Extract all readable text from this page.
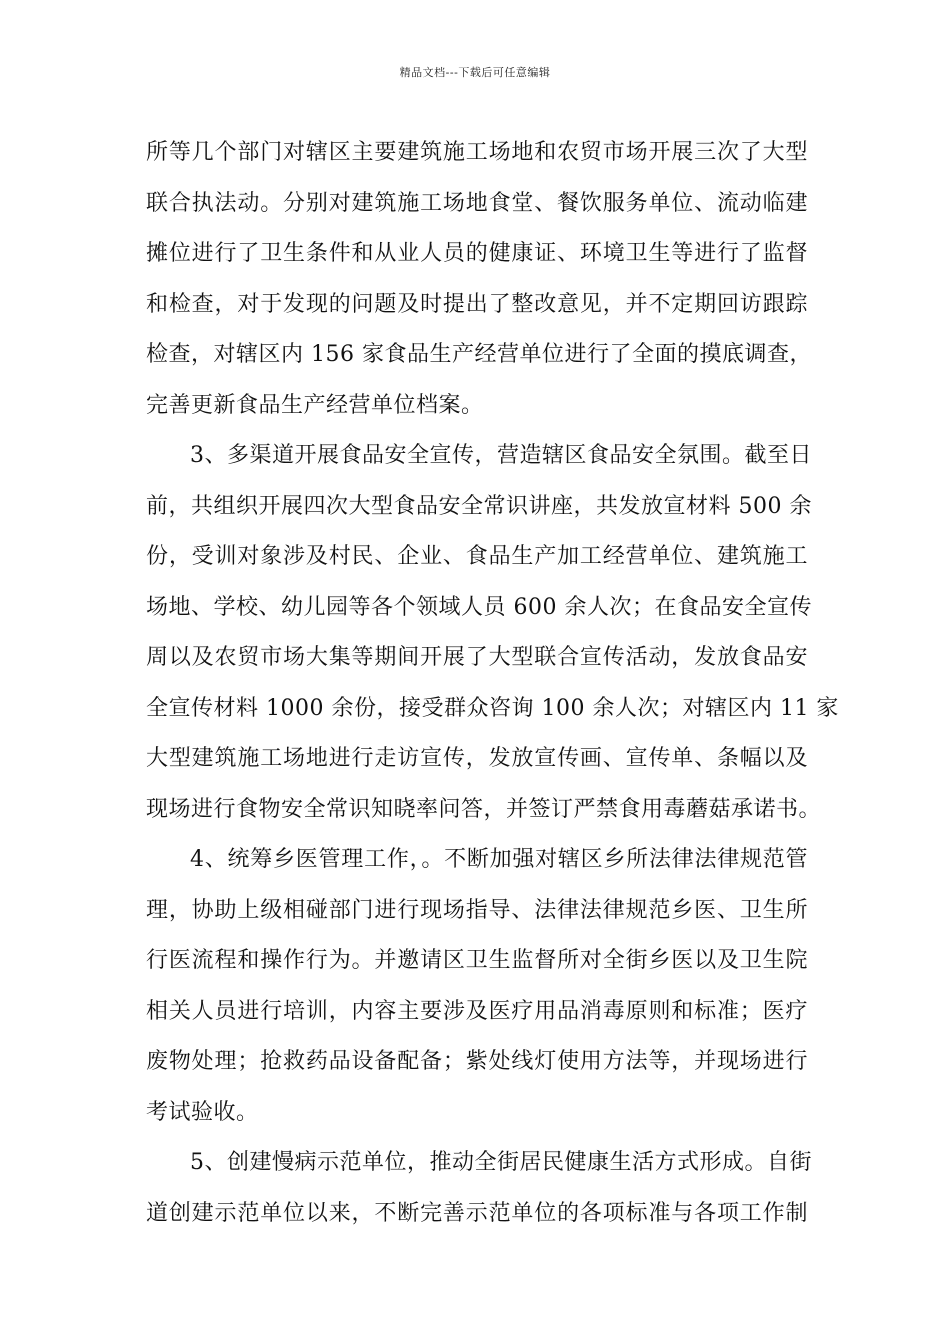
精品文档---下载后可任意编辑
所等几个部门对辖区主要建筑施工场地和农贸市场开展三次了大型
联合执法动。分别对建筑施工场地食堂、餐饮服务单位、流动临建
摊位进行了卫生条件和从业人员的健康证、环境卫生等进行了监督
和检查，对于发现的问题及时提出了整改意见，并不定期回访跟踪
检查，对辖区内 156 家食品生产经营单位进行了全面的摸底调查，
完善更新食品生产经营单位档案。
3、多渠道开展食品安全宣传，营造辖区食品安全氛围。截至日
前，共组织开展四次大型食品安全常识讲座，共发放宣材料 500 余
份，受训对象涉及村民、企业、食品生产加工经营单位、建筑施工
场地、学校、幼儿园等各个领域人员 600 余人次；在食品安全宣传
周以及农贸市场大集等期间开展了大型联合宣传活动，发放食品安
全宣传材料 1000 余份，接受群众咨询 100 余人次；对辖区内 11 家
大型建筑施工场地进行走访宣传，发放宣传画、宣传单、条幅以及
现场进行食物安全常识知晓率问答，并签订严禁食用毒蘑菇承诺书。
4、统筹乡医管理工作，。不断加强对辖区乡所法律法律规范管
理，协助上级相碰部门进行现场指导、法律法律规范乡医、卫生所
行医流程和操作行为。并邀请区卫生监督所对全街乡医以及卫生院
相关人员进行培训，内容主要涉及医疗用品消毒原则和标准；医疗
废物处理；抢救药品设备配备；紫处线灯使用方法等，并现场进行
考试验收。
5、创建慢病示范单位，推动全街居民健康生活方式形成。自街
道创建示范单位以来，不断完善示范单位的各项标准与各项工作制
